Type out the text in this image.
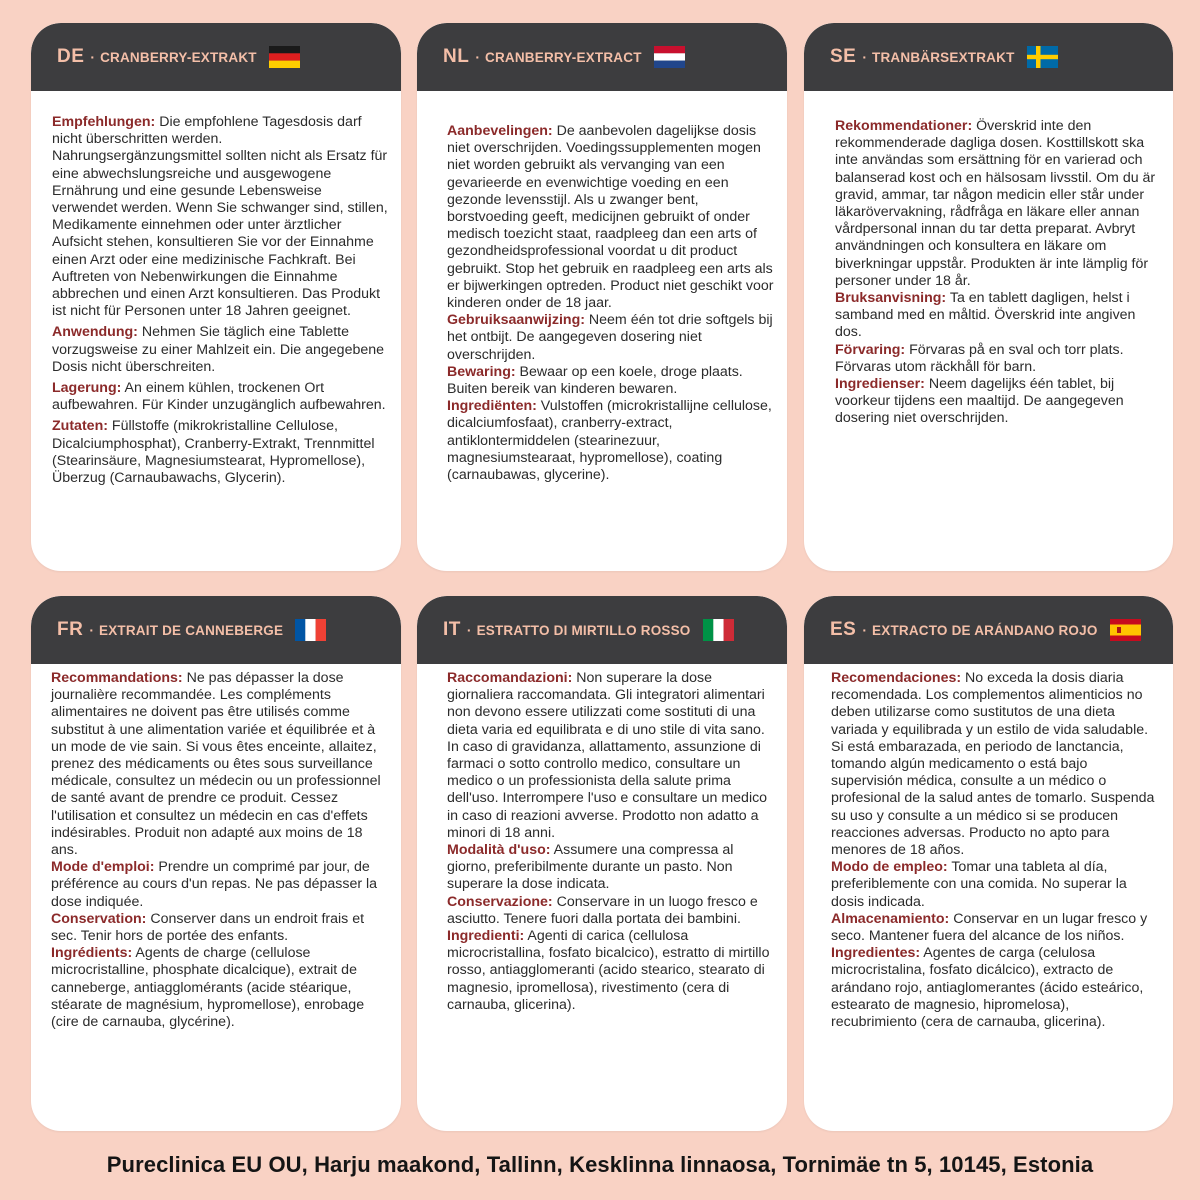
DE · CRANBERRY-EXTRAKT

Empfehlungen: Die empfohlene Tagesdosis darf nicht überschritten werden. Nahrungsergänzungsmittel sollten nicht als Ersatz für eine abwechslungsreiche und ausgewogene Ernährung und eine gesunde Lebensweise verwendet werden. Wenn Sie schwanger sind, stillen, Medikamente einnehmen oder unter ärztlicher Aufsicht stehen, konsultieren Sie vor der Einnahme einen Arzt oder eine medizinische Fachkraft. Bei Auftreten von Nebenwirkungen die Einnahme abbrechen und einen Arzt konsultieren. Das Produkt ist nicht für Personen unter 18 Jahren geeignet.

Anwendung: Nehmen Sie täglich eine Tablette vorzugsweise zu einer Mahlzeit ein. Die angegebene Dosis nicht überschreiten.

Lagerung: An einem kühlen, trockenen Ort aufbewahren. Für Kinder unzugänglich aufbewahren.

Zutaten: Füllstoffe (mikrokristalline Cellulose, Dicalciumphosphat), Cranberry-Extrakt, Trennmittel (Stearinsäure, Magnesiumstearat, Hypromellose), Überzug (Carnaubawachs, Glycerin).

NL · CRANBERRY-EXTRACT

Aanbevelingen: De aanbevolen dagelijkse dosis niet overschrijden. Voedingssupplementen mogen niet worden gebruikt als vervanging van een gevarieerde en evenwichtige voeding en een gezonde levensstijl. Als u zwanger bent, borstvoeding geeft, medicijnen gebruikt of onder medisch toezicht staat, raadpleeg dan een arts of gezondheidsprofessional voordat u dit product gebruikt. Stop het gebruik en raadpleeg een arts als er bijwerkingen optreden. Product niet geschikt voor kinderen onder de 18 jaar.

Gebruiksaanwijzing: Neem één tot drie softgels bij het ontbijt. De aangegeven dosering niet overschrijden.

Bewaring: Bewaar op een koele, droge plaats. Buiten bereik van kinderen bewaren.

Ingrediënten: Vulstoffen (microkristallijne cellulose, dicalciumfosfaat), cranberry-extract, antiklontermiddelen (stearinezuur, magnesiumstearaat, hypromellose), coating (carnaubawas, glycerine).

SE · TRANBÄRSEXTRAKT

Rekommendationer: Överskrid inte den rekommenderade dagliga dosen. Kosttillskott ska inte användas som ersättning för en varierad och balanserad kost och en hälsosam livsstil. Om du är gravid, ammar, tar någon medicin eller står under läkarövervakning, rådfråga en läkare eller annan vårdpersonal innan du tar detta preparat. Avbryt användningen och konsultera en läkare om biverkningar uppstår. Produkten är inte lämplig för personer under 18 år.

Bruksanvisning: Ta en tablett dagligen, helst i samband med en måltid. Överskrid inte angiven dos.

Förvaring: Förvaras på en sval och torr plats. Förvaras utom räckhåll för barn.

Ingredienser: Neem dagelijks één tablet, bij voorkeur tijdens een maaltijd. De aangegeven dosering niet overschrijden.

FR · EXTRAIT DE CANNEBERGE

Recommandations: Ne pas dépasser la dose journalière recommandée. Les compléments alimentaires ne doivent pas être utilisés comme substitut à une alimentation variée et équilibrée et à un mode de vie sain. Si vous êtes enceinte, allaitez, prenez des médicaments ou êtes sous surveillance médicale, consultez un médecin ou un professionnel de santé avant de prendre ce produit. Cessez l'utilisation et consultez un médecin en cas d'effets indésirables. Produit non adapté aux moins de 18 ans.

Mode d'emploi: Prendre un comprimé par jour, de préférence au cours d'un repas. Ne pas dépasser la dose indiquée.

Conservation: Conserver dans un endroit frais et sec. Tenir hors de portée des enfants.

Ingrédients: Agents de charge (cellulose microcristalline, phosphate dicalcique), extrait de canneberge, antiagglomérants (acide stéarique, stéarate de magnésium, hypromellose), enrobage (cire de carnauba, glycérine).

IT · ESTRATTO DI MIRTILLO ROSSO

Raccomandazioni: Non superare la dose giornaliera raccomandata. Gli integratori alimentari non devono essere utilizzati come sostituti di una dieta varia ed equilibrata e di uno stile di vita sano. In caso di gravidanza, allattamento, assunzione di farmaci o sotto controllo medico, consultare un medico o un professionista della salute prima dell'uso. Interrompere l'uso e consultare un medico in caso di reazioni avverse. Prodotto non adatto a minori di 18 anni.

Modalità d'uso: Assumere una compressa al giorno, preferibilmente durante un pasto. Non superare la dose indicata.

Conservazione: Conservare in un luogo fresco e asciutto. Tenere fuori dalla portata dei bambini.

Ingredienti: Agenti di carica (cellulosa microcristallina, fosfato bicalcico), estratto di mirtillo rosso, antiagglomeranti (acido stearico, stearato di magnesio, ipromellosa), rivestimento (cera di carnauba, glicerina).

ES · EXTRACTO DE ARÁNDANO ROJO

Recomendaciones: No exceda la dosis diaria recomendada. Los complementos alimenticios no deben utilizarse como sustitutos de una dieta variada y equilibrada y un estilo de vida saludable. Si está embarazada, en periodo de lanctancia, tomando algún medicamento o está bajo supervisión médica, consulte a un médico o profesional de la salud antes de tomarlo. Suspenda su uso y consulte a un médico si se producen reacciones adversas. Producto no apto para menores de 18 años.

Modo de empleo: Tomar una tableta al día, preferiblemente con una comida. No superar la dosis indicada.

Almacenamiento: Conservar en un lugar fresco y seco. Mantener fuera del alcance de los niños.

Ingredientes: Agentes de carga (celulosa microcristalina, fosfato dicálcico), extracto de arándano rojo, antiaglomerantes (ácido esteárico, estearato de magnesio, hipromelosa), recubrimiento (cera de carnauba, glicerina).

Pureclinica EU OU, Harju maakond, Tallinn, Kesklinna linnaosa, Tornimäe tn 5, 10145, Estonia
